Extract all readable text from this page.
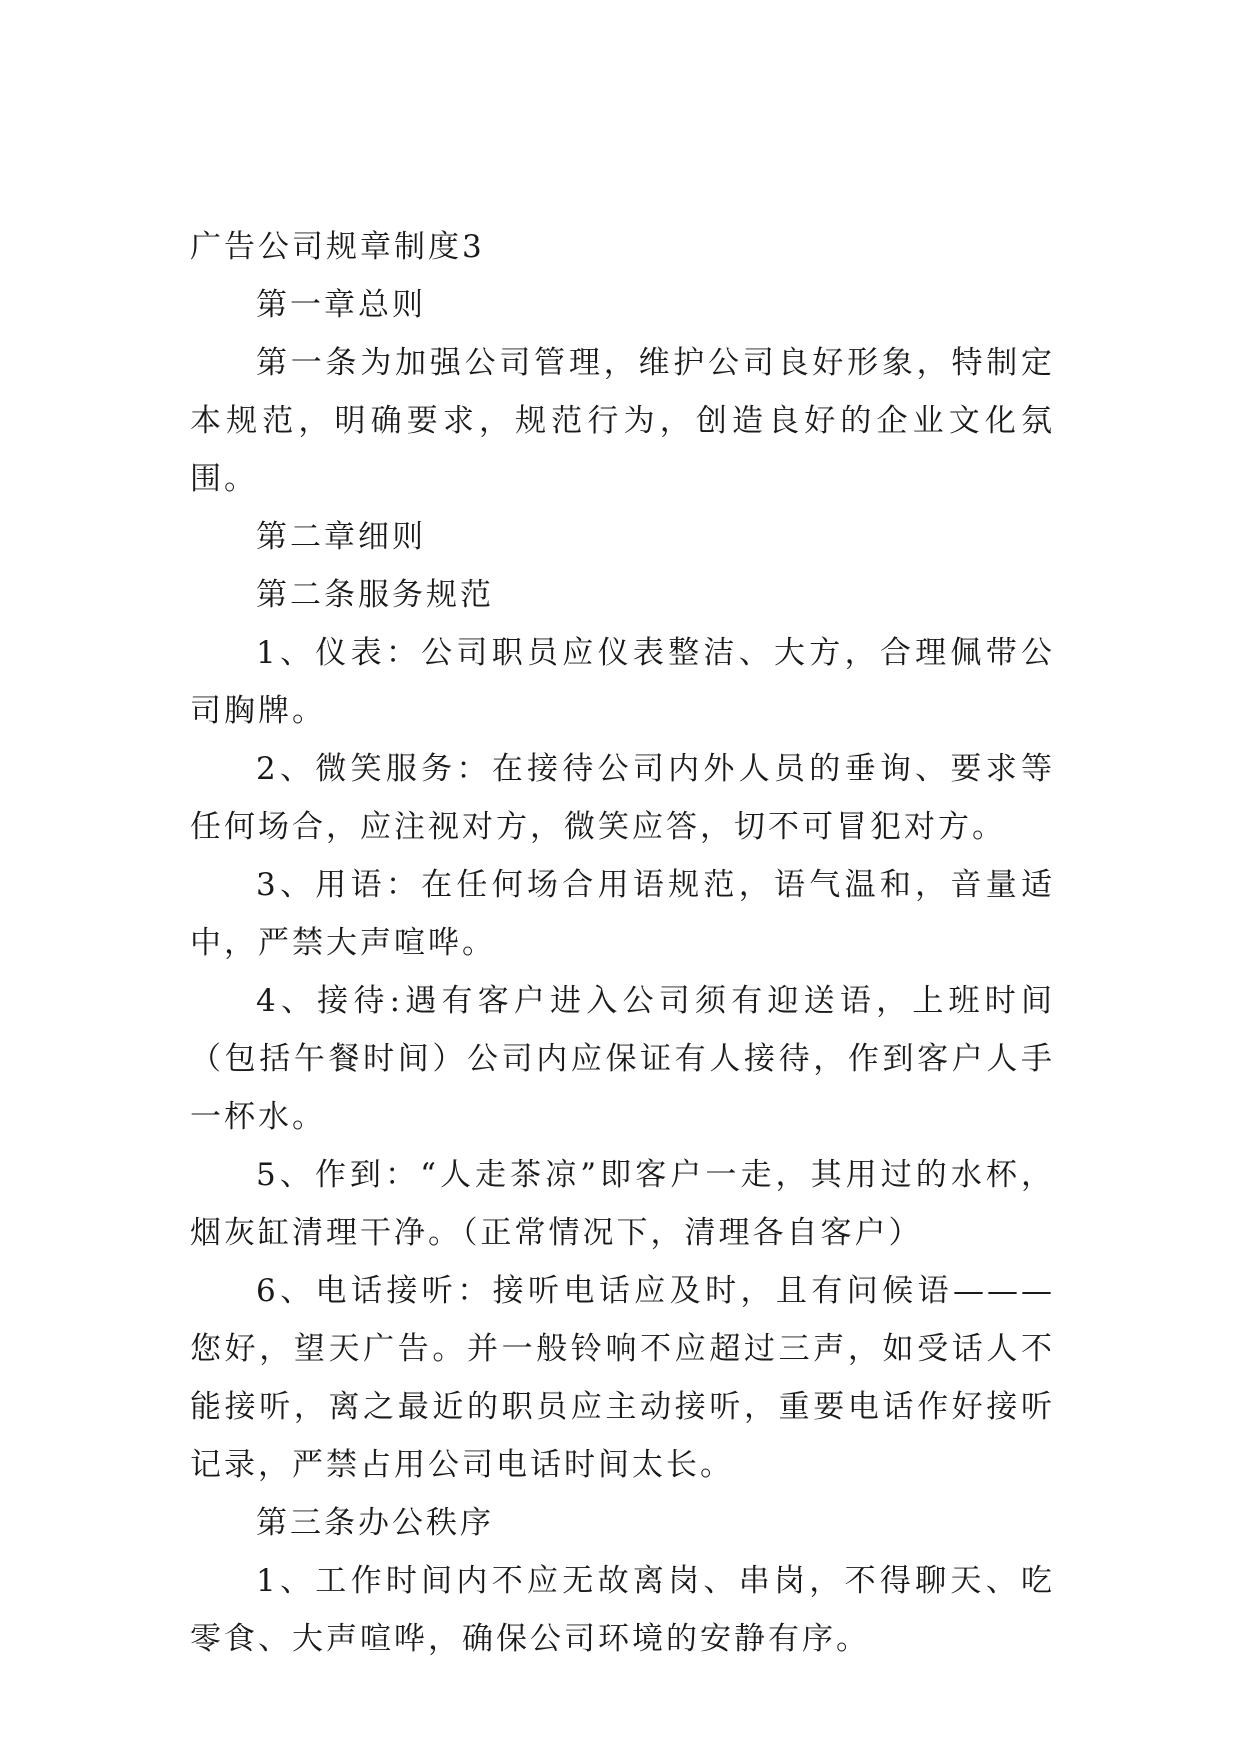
广告公司规章制度3

第一章总则

第一条为加强公司管理，维护公司良好形象，特制定本规范，明确要求，规范行为，创造良好的企业文化氛围。

第二章细则

第二条服务规范

1、仪表：公司职员应仪表整洁、大方，合理佩带公司胸牌。

2、微笑服务：在接待公司内外人员的垂询、要求等任何场合，应注视对方，微笑应答，切不可冒犯对方。

3、用语：在任何场合用语规范，语气温和，音量适中，严禁大声喧哗。

4、接待:遇有客户进入公司须有迎送语，上班时间（包括午餐时间）公司内应保证有人接待，作到客户人手一杯水。

5、作到：“人走茶凉”即客户一走，其用过的水杯，烟灰缸清理干净。（正常情况下，清理各自客户）

6、电话接听：接听电话应及时，且有问候语———您好，望天广告。并一般铃响不应超过三声，如受话人不能接听，离之最近的职员应主动接听，重要电话作好接听记录，严禁占用公司电话时间太长。

第三条办公秩序

1、工作时间内不应无故离岗、串岗，不得聊天、吃零食、大声喧哗，确保公司环境的安静有序。
